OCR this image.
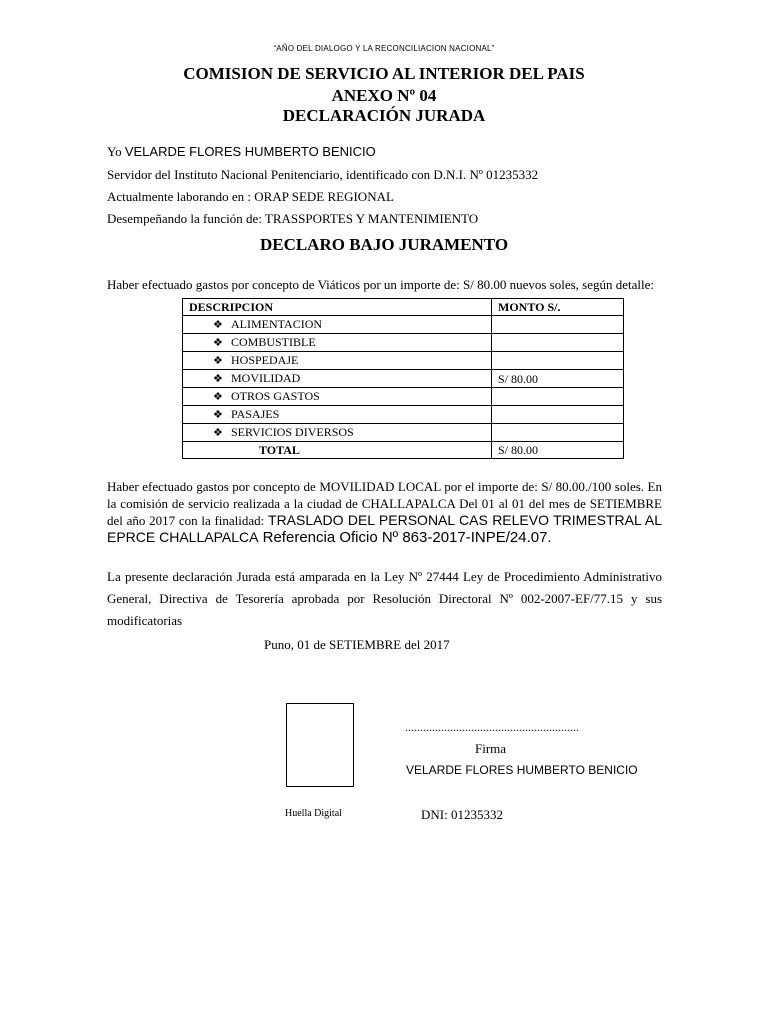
“AÑO DEL DIALOGO Y LA RECONCILIACION NACIONAL”
COMISION DE SERVICIO AL INTERIOR DEL PAIS
ANEXO Nº 04
DECLARACIÓN JURADA
Yo VELARDE FLORES HUMBERTO BENICIO
Servidor del Instituto Nacional Penitenciario, identificado con D.N.I. Nº 01235332
Actualmente laborando en : ORAP SEDE REGIONAL
Desempeñando la función de: TRASSPORTES Y MANTENIMIENTO
DECLARO BAJO JURAMENTO
Haber efectuado gastos por concepto de Viáticos por un importe de: S/ 80.00 nuevos soles, según detalle:
DESCRIPCION	MONTO S/.
❖ ALIMENTACION	
❖ COMBUSTIBLE	
❖ HOSPEDAJE	
❖ MOVILIDAD	S/ 80.00
❖ OTROS GASTOS	
❖ PASAJES	
❖ SERVICIOS DIVERSOS	
TOTAL	S/ 80.00
Haber efectuado gastos por concepto de MOVILIDAD LOCAL por el importe de: S/ 80.00./100 soles. En la comisión de servicio realizada a la ciudad de CHALLAPALCA Del 01 al 01 del mes de SETIEMBRE del año 2017 con la finalidad: TRASLADO DEL PERSONAL CAS RELEVO TRIMESTRAL AL EPRCE CHALLAPALCA Referencia Oficio Nº 863-2017-INPE/24.07.
La presente declaración Jurada está amparada en la Ley Nº 27444 Ley de Procedimiento Administrativo General, Directiva de Tesorería aprobada por Resolución Directoral Nº 002-2007-EF/77.15 y sus modificatorias
Puno, 01 de SETIEMBRE del 2017
Huella Digital
..........................................................
Firma
VELARDE FLORES HUMBERTO BENICIO
DNI: 01235332
